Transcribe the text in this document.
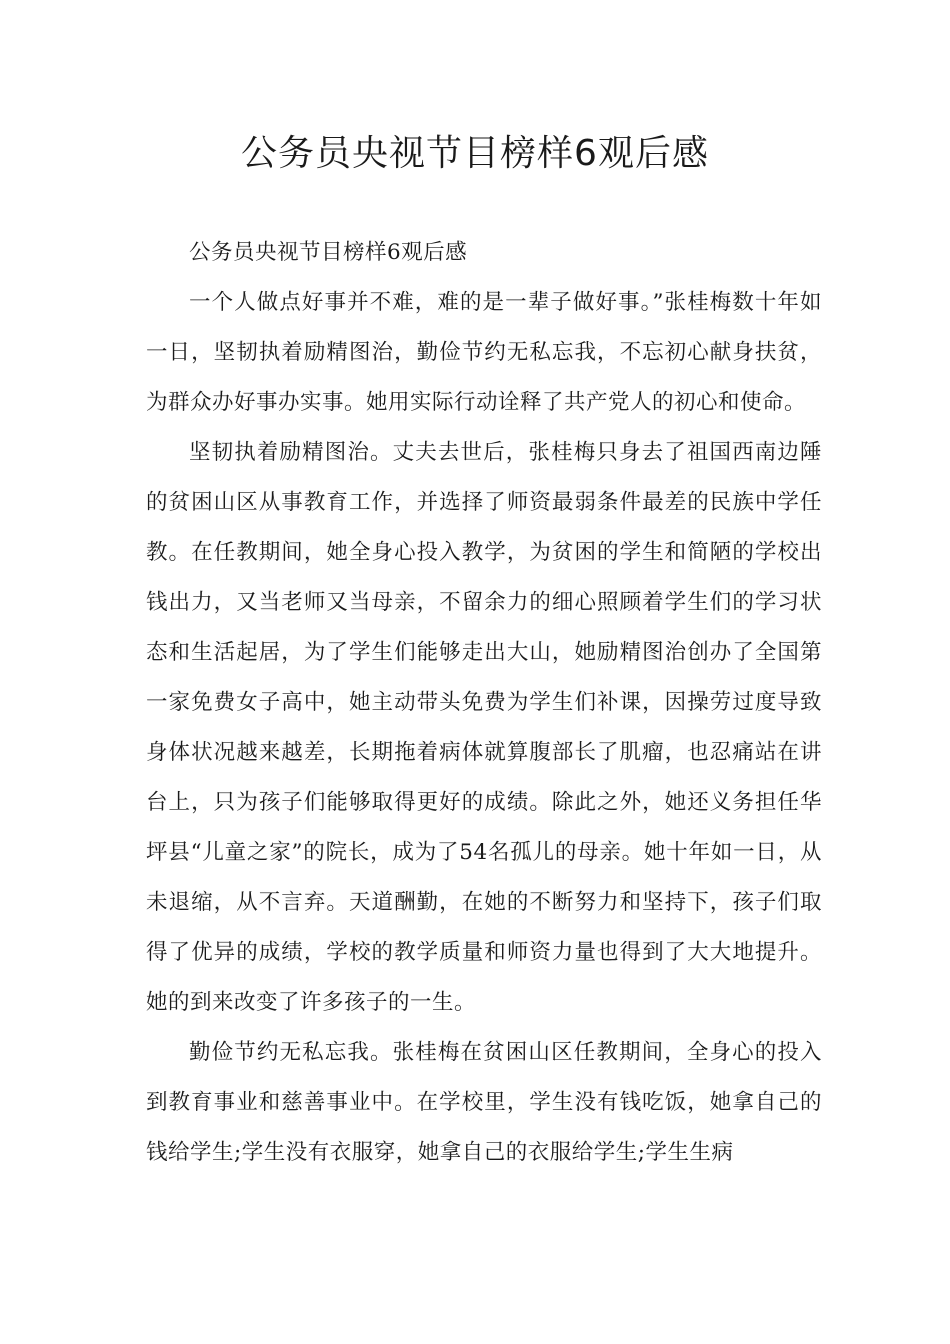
公务员央视节目榜样6观后感

公务员央视节目榜样6观后感

一个人做点好事并不难，难的是一辈子做好事。”张桂梅数十年如一日，坚韧执着励精图治，勤俭节约无私忘我，不忘初心献身扶贫，为群众办好事办实事。她用实际行动诠释了共产党人的初心和使命。

坚韧执着励精图治。丈夫去世后，张桂梅只身去了祖国西南边陲的贫困山区从事教育工作，并选择了师资最弱条件最差的民族中学任教。在任教期间，她全身心投入教学，为贫困的学生和简陋的学校出钱出力，又当老师又当母亲，不留余力的细心照顾着学生们的学习状态和生活起居，为了学生们能够走出大山，她励精图治创办了全国第一家免费女子高中，她主动带头免费为学生们补课，因操劳过度导致身体状况越来越差，长期拖着病体就算腹部长了肌瘤，也忍痛站在讲台上，只为孩子们能够取得更好的成绩。除此之外，她还义务担任华坪县“儿童之家”的院长，成为了54名孤儿的母亲。她十年如一日，从未退缩，从不言弃。天道酬勤，在她的不断努力和坚持下，孩子们取得了优异的成绩，学校的教学质量和师资力量也得到了大大地提升。她的到来改变了许多孩子的一生。

勤俭节约无私忘我。张桂梅在贫困山区任教期间，全身心的投入到教育事业和慈善事业中。在学校里，学生没有钱吃饭，她拿自己的钱给学生;学生没有衣服穿，她拿自己的衣服给学生;学生生病
